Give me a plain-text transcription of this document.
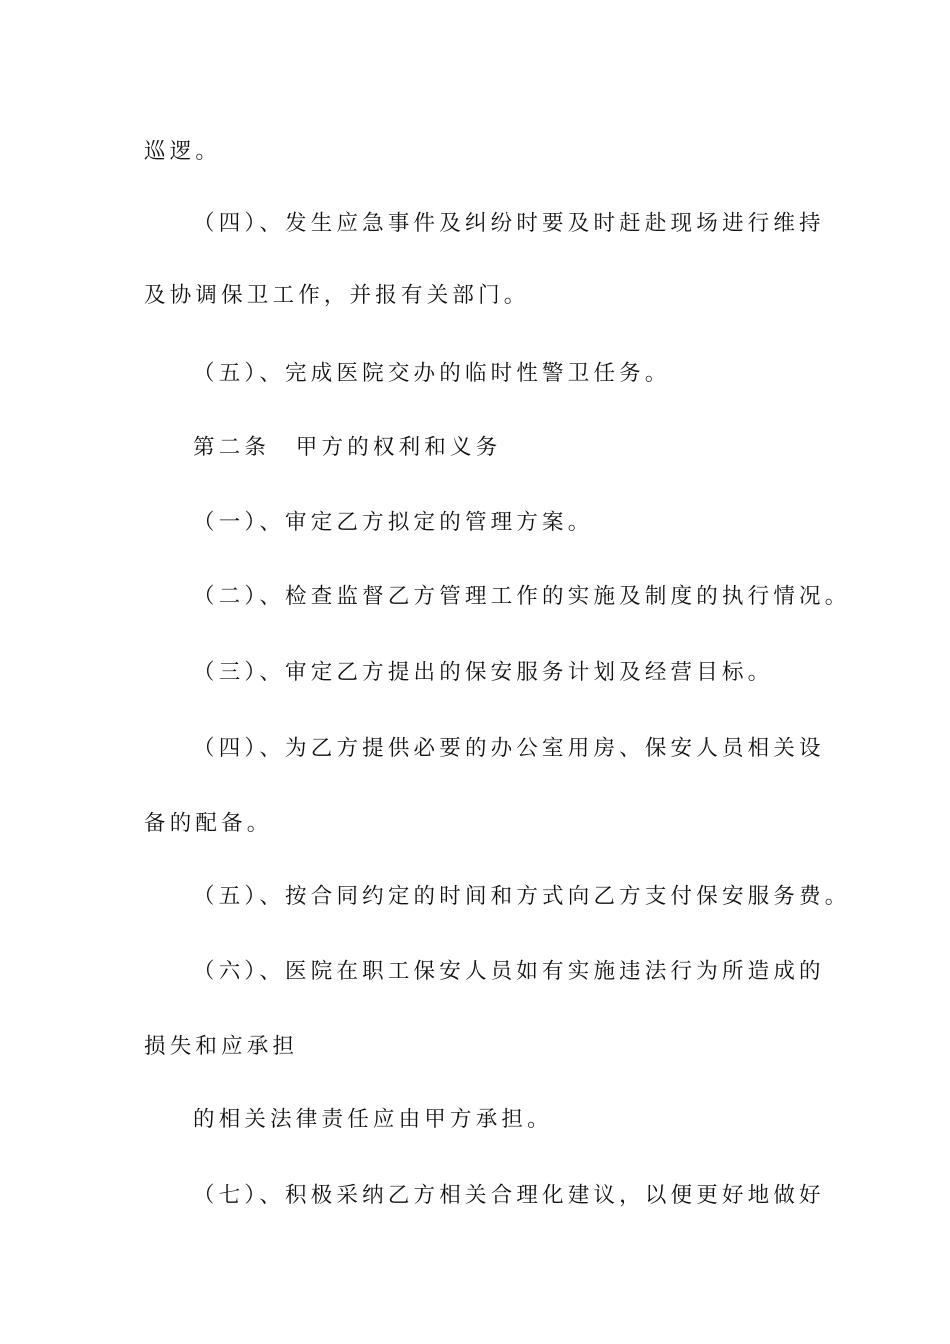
巡逻。
（四）、发生应急事件及纠纷时要及时赶赴现场进行维持
及协调保卫工作，并报有关部门。
（五）、完成医院交办的临时性警卫任务。
第二条　甲方的权利和义务
（一）、审定乙方拟定的管理方案。
（二）、检查监督乙方管理工作的实施及制度的执行情况。
（三）、审定乙方提出的保安服务计划及经营目标。
（四）、为乙方提供必要的办公室用房、保安人员相关设
备的配备。
（五）、按合同约定的时间和方式向乙方支付保安服务费。
（六）、医院在职工保安人员如有实施违法行为所造成的
损失和应承担
的相关法律责任应由甲方承担。
（七）、积极采纳乙方相关合理化建议，以便更好地做好
